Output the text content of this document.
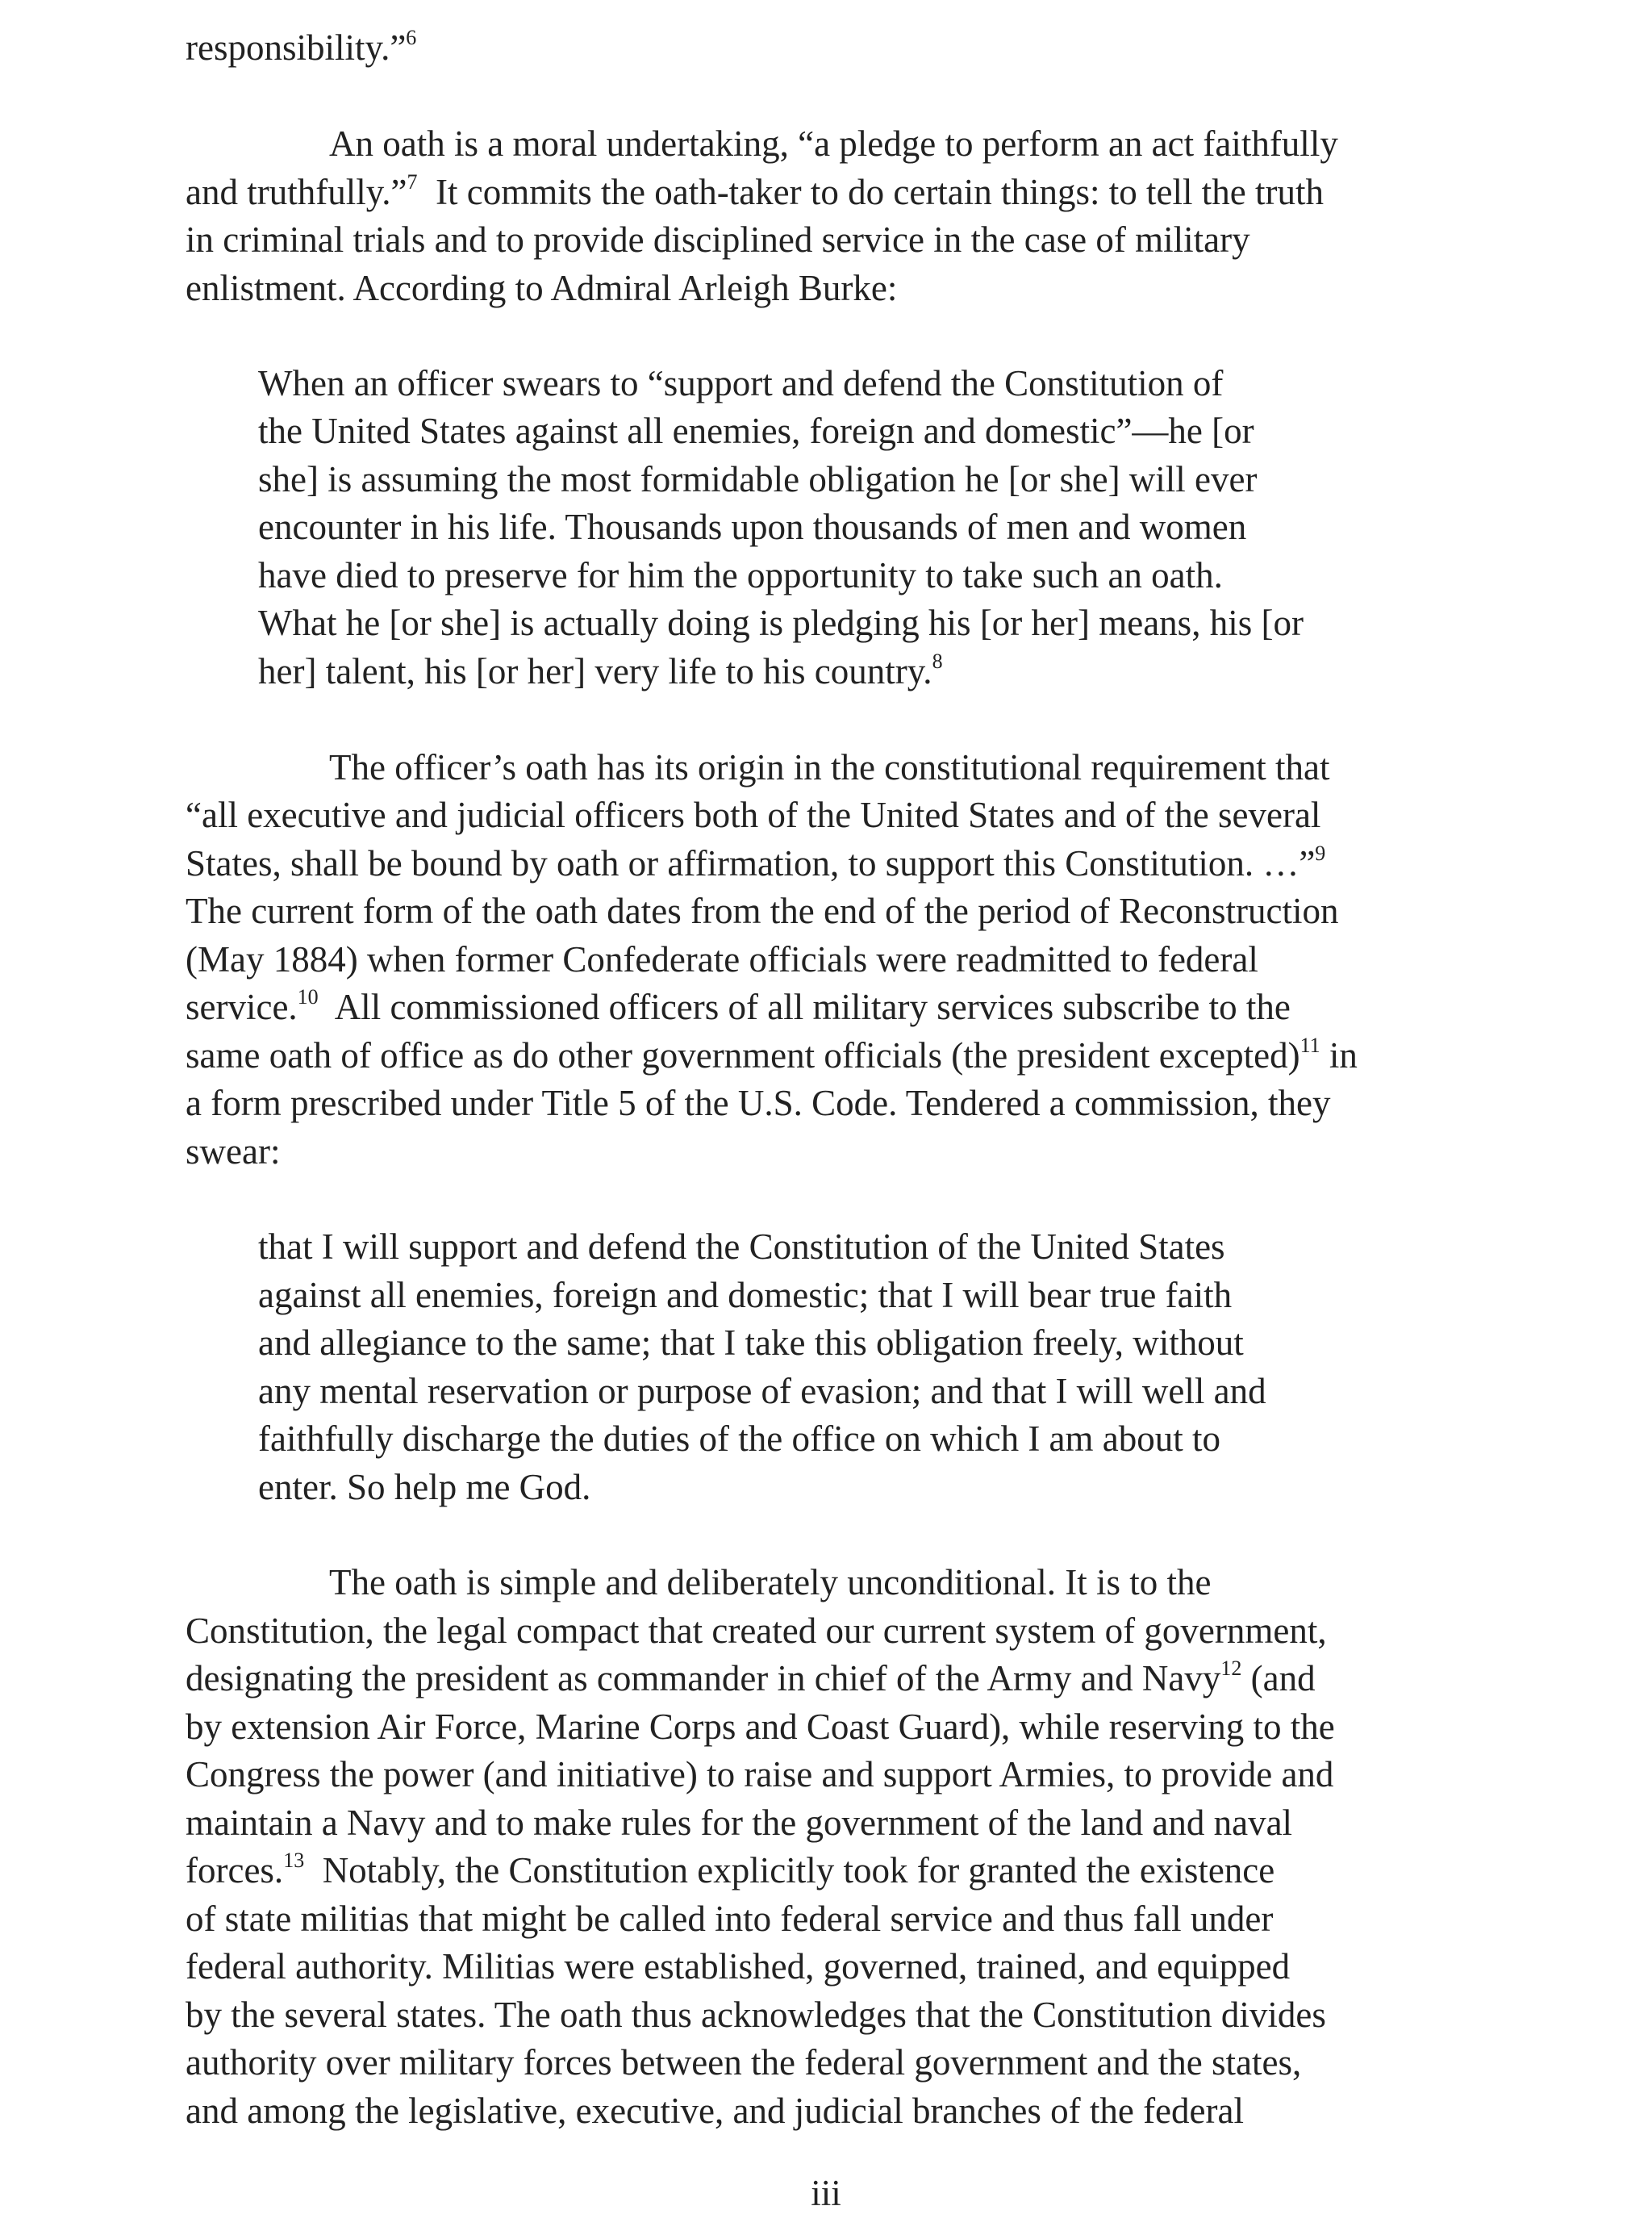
responsibility.”$^6$

An oath is a moral undertaking, “a pledge to perform an act faithfully

and truthfully.”$^7$  It commits the oath-taker to do certain things: to tell the truth

in criminal trials and to provide disciplined service in the case of military

enlistment. According to Admiral Arleigh Burke:

When an officer swears to “support and defend the Constitution of

the United States against all enemies, foreign and domestic”—he [or

she] is assuming the most formidable obligation he [or she] will ever

encounter in his life. Thousands upon thousands of men and women

have died to preserve for him the opportunity to take such an oath.

What he [or she] is actually doing is pledging his [or her] means, his [or

her] talent, his [or her] very life to his country.$^8$

The officer’s oath has its origin in the constitutional requirement that

“all executive and judicial officers both of the United States and of the several

States, shall be bound by oath or affirmation, to support this Constitution. …”$^9$

The current form of the oath dates from the end of the period of Reconstruction

(May 1884) when former Confederate officials were readmitted to federal

service.$^{10}$  All commissioned officers of all military services subscribe to the

same oath of office as do other government officials (the president excepted)$^{11}$ in

a form prescribed under Title 5 of the U.S. Code. Tendered a commission, they

swear:

that I will support and defend the Constitution of the United States

against all enemies, foreign and domestic; that I will bear true faith

and allegiance to the same; that I take this obligation freely, without

any mental reservation or purpose of evasion; and that I will well and

faithfully discharge the duties of the office on which I am about to

enter. So help me God.

The oath is simple and deliberately unconditional. It is to the

Constitution, the legal compact that created our current system of government,

designating the president as commander in chief of the Army and Navy$^{12}$ (and

by extension Air Force, Marine Corps and Coast Guard), while reserving to the

Congress the power (and initiative) to raise and support Armies, to provide and

maintain a Navy and to make rules for the government of the land and naval

forces.$^{13}$  Notably, the Constitution explicitly took for granted the existence

of state militias that might be called into federal service and thus fall under

federal authority. Militias were established, governed, trained, and equipped

by the several states. The oath thus acknowledges that the Constitution divides

authority over military forces between the federal government and the states,

and among the legislative, executive, and judicial branches of the federal

iii
